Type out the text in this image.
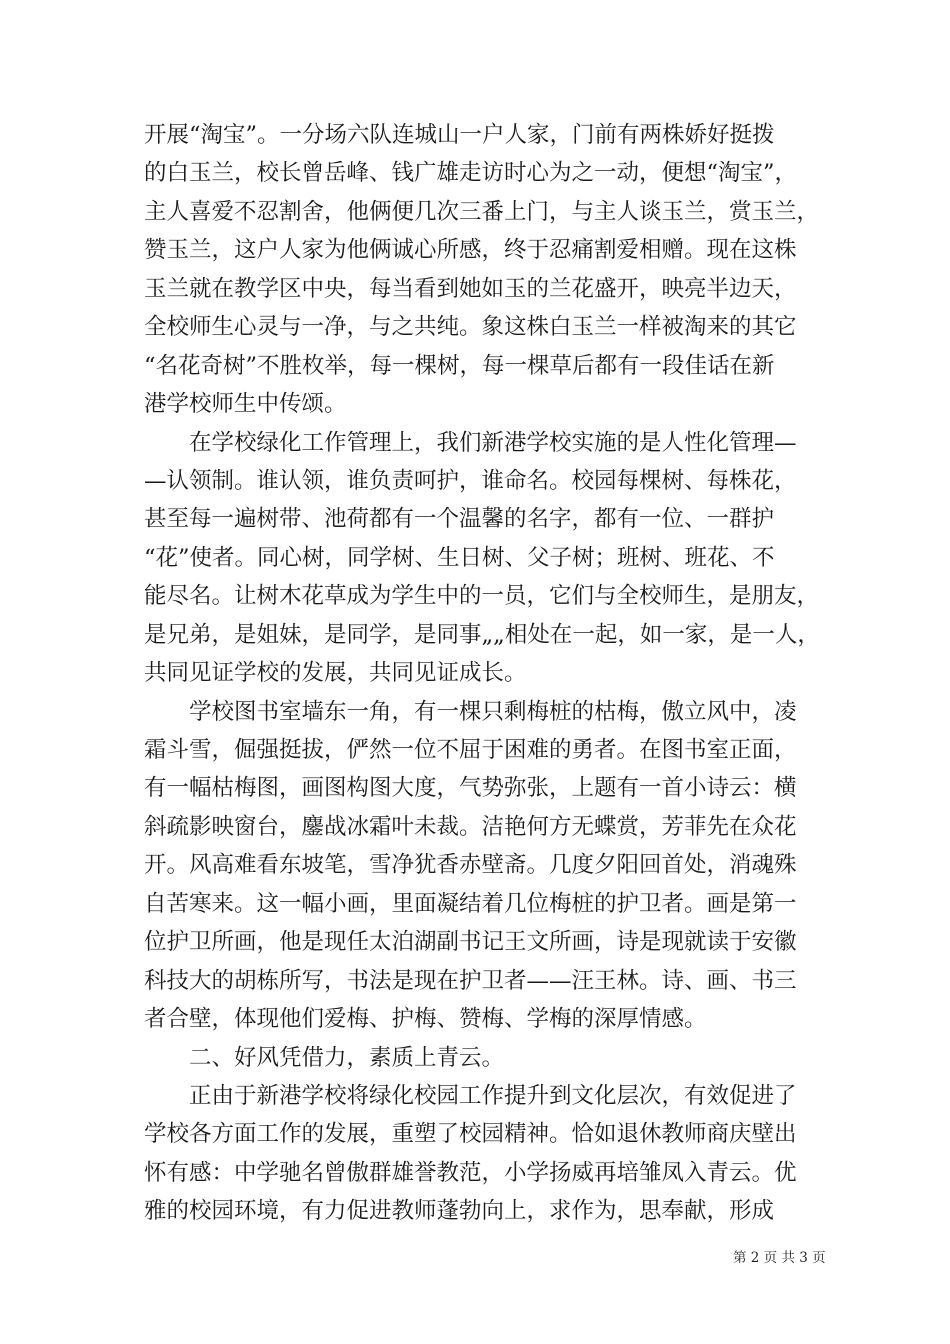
开展“淘宝”。一分场六队连城山一户人家，门前有两株娇好挺拨
的白玉兰，校长曾岳峰、钱广雄走访时心为之一动，便想“淘宝”，
主人喜爱不忍割舍，他俩便几次三番上门，与主人谈玉兰，赏玉兰，
赞玉兰，这户人家为他俩诚心所感，终于忍痛割爱相赠。现在这株
玉兰就在教学区中央，每当看到她如玉的兰花盛开，映亮半边天，
全校师生心灵与一净，与之共纯。象这株白玉兰一样被淘来的其它
“名花奇树”不胜枚举，每一棵树，每一棵草后都有一段佳话在新
港学校师生中传颂。
在学校绿化工作管理上，我们新港学校实施的是人性化管理—
—认领制。谁认领，谁负责呵护，谁命名。校园每棵树、每株花，
甚至每一遍树带、池荷都有一个温馨的名字，都有一位、一群护
“花”使者。同心树，同学树、生日树、父子树；班树、班花、不
能尽名。让树木花草成为学生中的一员，它们与全校师生，是朋友，
是兄弟，是姐妹，是同学，是同事„„相处在一起，如一家，是一人，
共同见证学校的发展，共同见证成长。
学校图书室墙东一角，有一棵只剩梅桩的枯梅，傲立风中，凌
霜斗雪，倔强挺拔，俨然一位不屈于困难的勇者。在图书室正面，
有一幅枯梅图，画图构图大度，气势弥张，上题有一首小诗云：横
斜疏影映窗台，鏖战冰霜叶未裁。洁艳何方无蝶赏，芳菲先在众花
开。风高难看东坡笔，雪净犹香赤壁斋。几度夕阳回首处，消魂殊
自苦寒来。这一幅小画，里面凝结着几位梅桩的护卫者。画是第一
位护卫所画，他是现任太泊湖副书记王文所画，诗是现就读于安徽
科技大的胡栋所写，书法是现在护卫者——汪王林。诗、画、书三
者合壁，体现他们爱梅、护梅、赞梅、学梅的深厚情感。
二、好风凭借力，素质上青云。
正由于新港学校将绿化校园工作提升到文化层次，有效促进了
学校各方面工作的发展，重塑了校园精神。恰如退休教师商庆壁出
怀有感：中学驰名曾傲群雄誉教范，小学扬威再培雏凤入青云。优
雅的校园环境，有力促进教师蓬勃向上，求作为，思奉献，形成
第 2 页 共 3 页
